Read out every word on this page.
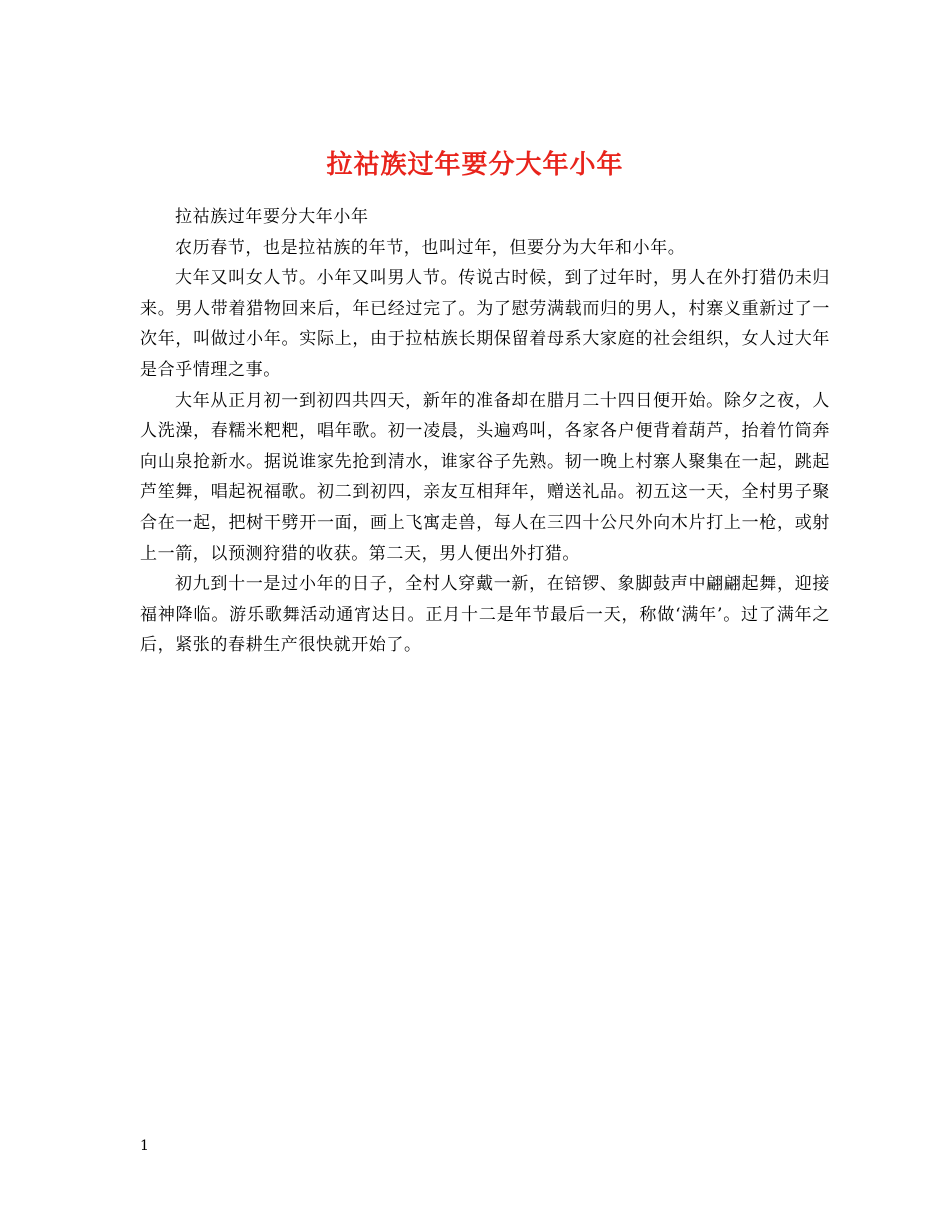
拉祜族过年要分大年小年

拉祜族过年要分大年小年

农历春节，也是拉祜族的年节，也叫过年，但要分为大年和小年。

大年又叫女人节。小年又叫男人节。传说古时候，到了过年时，男人在外打猎仍未归来。男人带着猎物回来后，年已经过完了。为了慰劳满载而归的男人，村寨义重新过了一次年，叫做过小年。实际上，由于拉枯族长期保留着母系大家庭的社会组织，女人过大年是合乎情理之事。

大年从正月初一到初四共四天，新年的准备却在腊月二十四日便开始。除夕之夜，人人洗澡，春糯米粑粑，唱年歌。初一凌晨，头遍鸡叫，各家各户便背着葫芦，抬着竹筒奔向山泉抢新水。据说谁家先抢到清水，谁家谷子先熟。韧一晚上村寨人聚集在一起，跳起芦笙舞，唱起祝福歌。初二到初四，亲友互相拜年，赠送礼品。初五这一天，全村男子聚合在一起，把树干劈开一面，画上飞寓走兽，每人在三四十公尺外向木片打上一枪，或射上一箭，以预测狩猎的收获。第二天，男人便出外打猎。

初九到十一是过小年的日子，全村人穿戴一新，在锫锣、象脚鼓声中翩翩起舞，迎接福神降临。游乐歌舞活动通宵达日。正月十二是年节最后一天，称做‘满年’。过了满年之后，紧张的春耕生产很快就开始了。

1
